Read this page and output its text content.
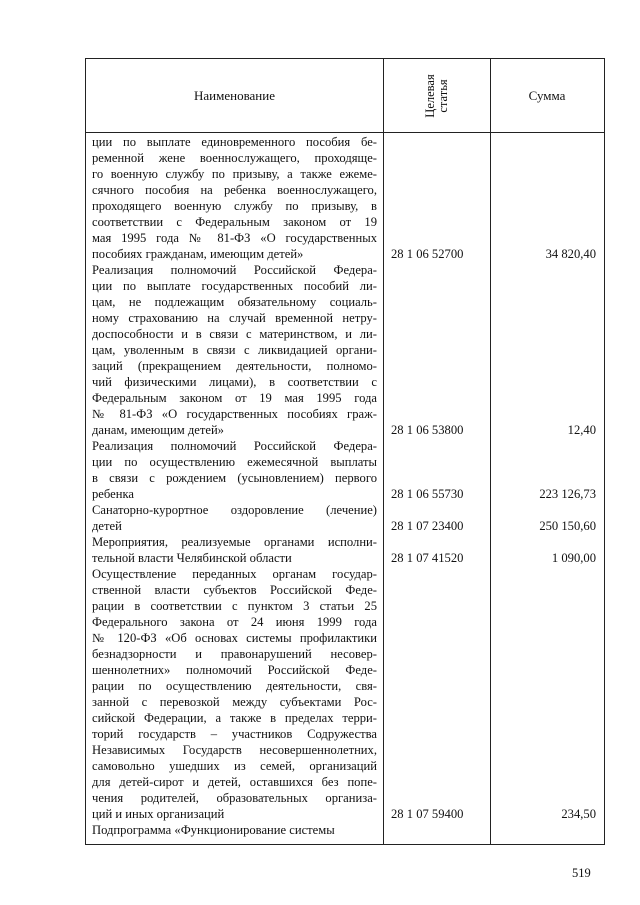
Наименование	Целевая статья	Сумма
ции по выплате единовременного пособия бе-
ременной жене военнослужащего, проходяще-
го военную службу по призыву, а также ежеме-
сячного пособия на ребенка военнослужащего,
проходящего военную службу по призыву, в
соответствии с Федеральным законом от 19
мая 1995 года № 81-ФЗ «О государственных
пособиях гражданам, имеющим детей»	28 1 06 52700	34 820,40
Реализация полномочий Российской Федера-
ции по выплате государственных пособий ли-
цам, не подлежащим обязательному социаль-
ному страхованию на случай временной нетру-
доспособности и в связи с материнством, и ли-
цам, уволенным в связи с ликвидацией органи-
заций (прекращением деятельности, полномо-
чий физическими лицами), в соответствии с
Федеральным законом от 19 мая 1995 года
№ 81-ФЗ «О государственных пособиях граж-
данам, имеющим детей»	28 1 06 53800	12,40
Реализация полномочий Российской Федера-
ции по осуществлению ежемесячной выплаты
в связи с рождением (усыновлением) первого
ребенка	28 1 06 55730	223 126,73
Санаторно-курортное оздоровление (лечение)
детей	28 1 07 23400	250 150,60
Мероприятия, реализуемые органами исполни-
тельной власти Челябинской области	28 1 07 41520	1 090,00
Осуществление переданных органам государ-
ственной власти субъектов Российской Феде-
рации в соответствии с пунктом 3 статьи 25
Федерального закона от 24 июня 1999 года
№ 120-ФЗ «Об основах системы профилактики
безнадзорности и правонарушений несовер-
шеннолетних» полномочий Российской Феде-
рации по осуществлению деятельности, свя-
занной с перевозкой между субъектами Рос-
сийской Федерации, а также в пределах терри-
торий государств – участников Содружества
Независимых Государств несовершеннолетних,
самовольно ушедших из семей, организаций
для детей-сирот и детей, оставшихся без попе-
чения родителей, образовательных организа-
ций и иных организаций	28 1 07 59400	234,50
Подпрограмма «Функционирование системы
519
